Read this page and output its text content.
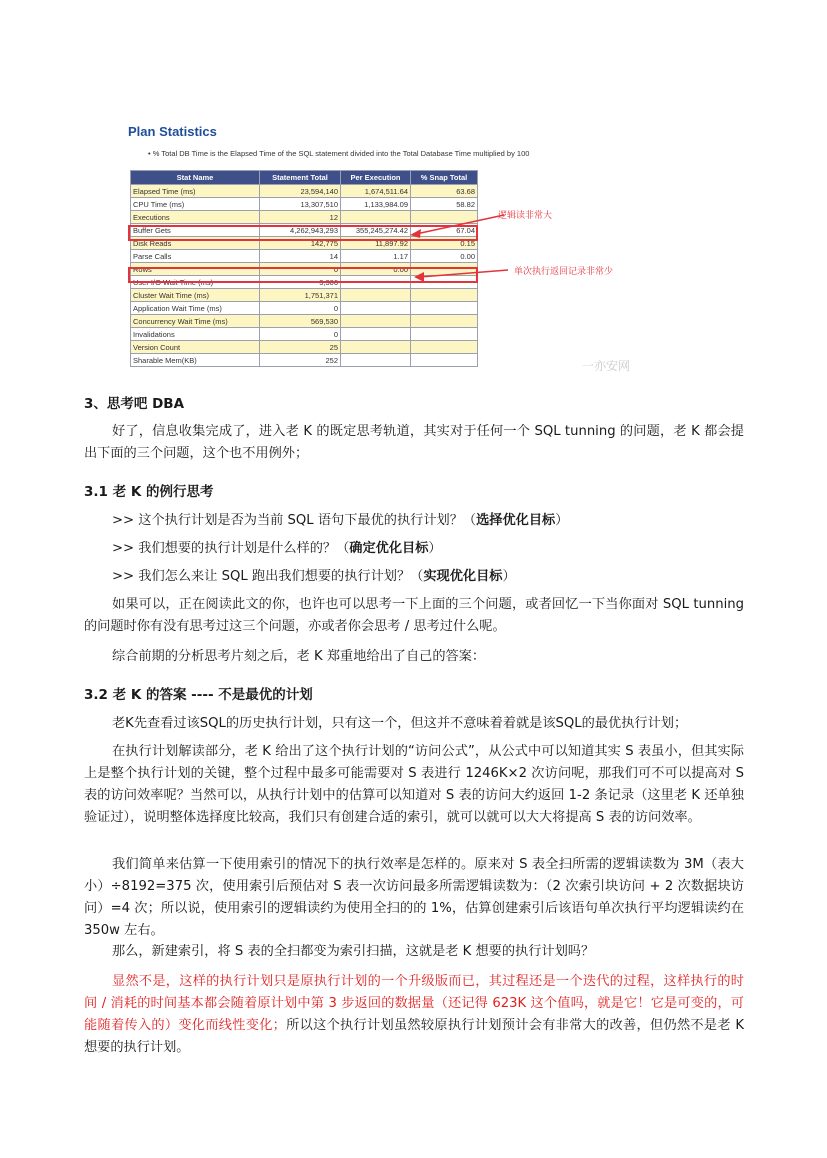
Plan Statistics
• % Total DB Time is the Elapsed Time of the SQL statement divided into the Total Database Time multiplied by 100
Stat Name	Statement Total	Per Execution	% Snap Total
Elapsed Time (ms)	23,594,140	1,674,511.64	63.68
CPU Time (ms)	13,307,510	1,133,984.09	58.82
Executions	12		
Buffer Gets	4,262,943,293	355,245,274.42	67.04
Disk Reads	142,775	11,897.92	0.15
Parse Calls	14	1.17	0.00
Rows	0	0.00	
User I/O Wait Time (ms)	3,306		
Cluster Wait Time (ms)	1,751,371		
Application Wait Time (ms)	0		
Concurrency Wait Time (ms)	569,530		
Invalidations	0		
Version Count	25		
Sharable Mem(KB)	252		
逻辑读非常大
单次执行返回记录非常少
一亦安网
3、思考吧 DBA
好了，信息收集完成了，进入老 K 的既定思考轨道，其实对于任何一个 SQL tunning 的问题，老 K 都会提出下面的三个问题，这个也不用例外；
3.1 老 K 的例行思考
>> 这个执行计划是否为当前 SQL 语句下最优的执行计划？（选择优化目标）
>> 我们想要的执行计划是什么样的？（确定优化目标）
>> 我们怎么来让 SQL 跑出我们想要的执行计划？（实现优化目标）
如果可以，正在阅读此文的你，也许也可以思考一下上面的三个问题，或者回忆一下当你面对 SQL tunning 的问题时你有没有思考过这三个问题，亦或者你会思考 / 思考过什么呢。
综合前期的分析思考片刻之后，老 K 郑重地给出了自己的答案：
3.2 老 K 的答案 ---- 不是最优的计划
老K先查看过该SQL的历史执行计划，只有这一个，但这并不意味着着就是该SQL的最优执行计划；
在执行计划解读部分，老 K 给出了这个执行计划的“访问公式”，从公式中可以知道其实 S 表虽小，但其实际上是整个执行计划的关键，整个过程中最多可能需要对 S 表进行 1246K×2 次访问呢，那我们可不可以提高对 S 表的访问效率呢？当然可以，从执行计划中的估算可以知道对 S 表的访问大约返回 1-2 条记录（这里老 K 还单独验证过），说明整体选择度比较高，我们只有创建合适的索引，就可以就可以大大将提高 S 表的访问效率。
我们简单来估算一下使用索引的情况下的执行效率是怎样的。原来对 S 表全扫所需的逻辑读数为 3M（表大小）÷8192=375 次，使用索引后预估对 S 表一次访问最多所需逻辑读数为：（2 次索引块访问 + 2 次数据块访问）=4 次；所以说，使用索引的逻辑读约为使用全扫的的 1%，估算创建索引后该语句单次执行平均逻辑读约在 350w 左右。
那么，新建索引，将 S 表的全扫都变为索引扫描，这就是老 K 想要的执行计划吗？
显然不是，这样的执行计划只是原执行计划的一个升级版而已，其过程还是一个迭代的过程，这样执行的时间 / 消耗的时间基本都会随着原计划中第 3 步返回的数据量（还记得 623K 这个值吗，就是它！它是可变的，可能随着传入的）变化而线性变化；所以这个执行计划虽然较原执行计划预计会有非常大的改善，但仍然不是老 K 想要的执行计划。
